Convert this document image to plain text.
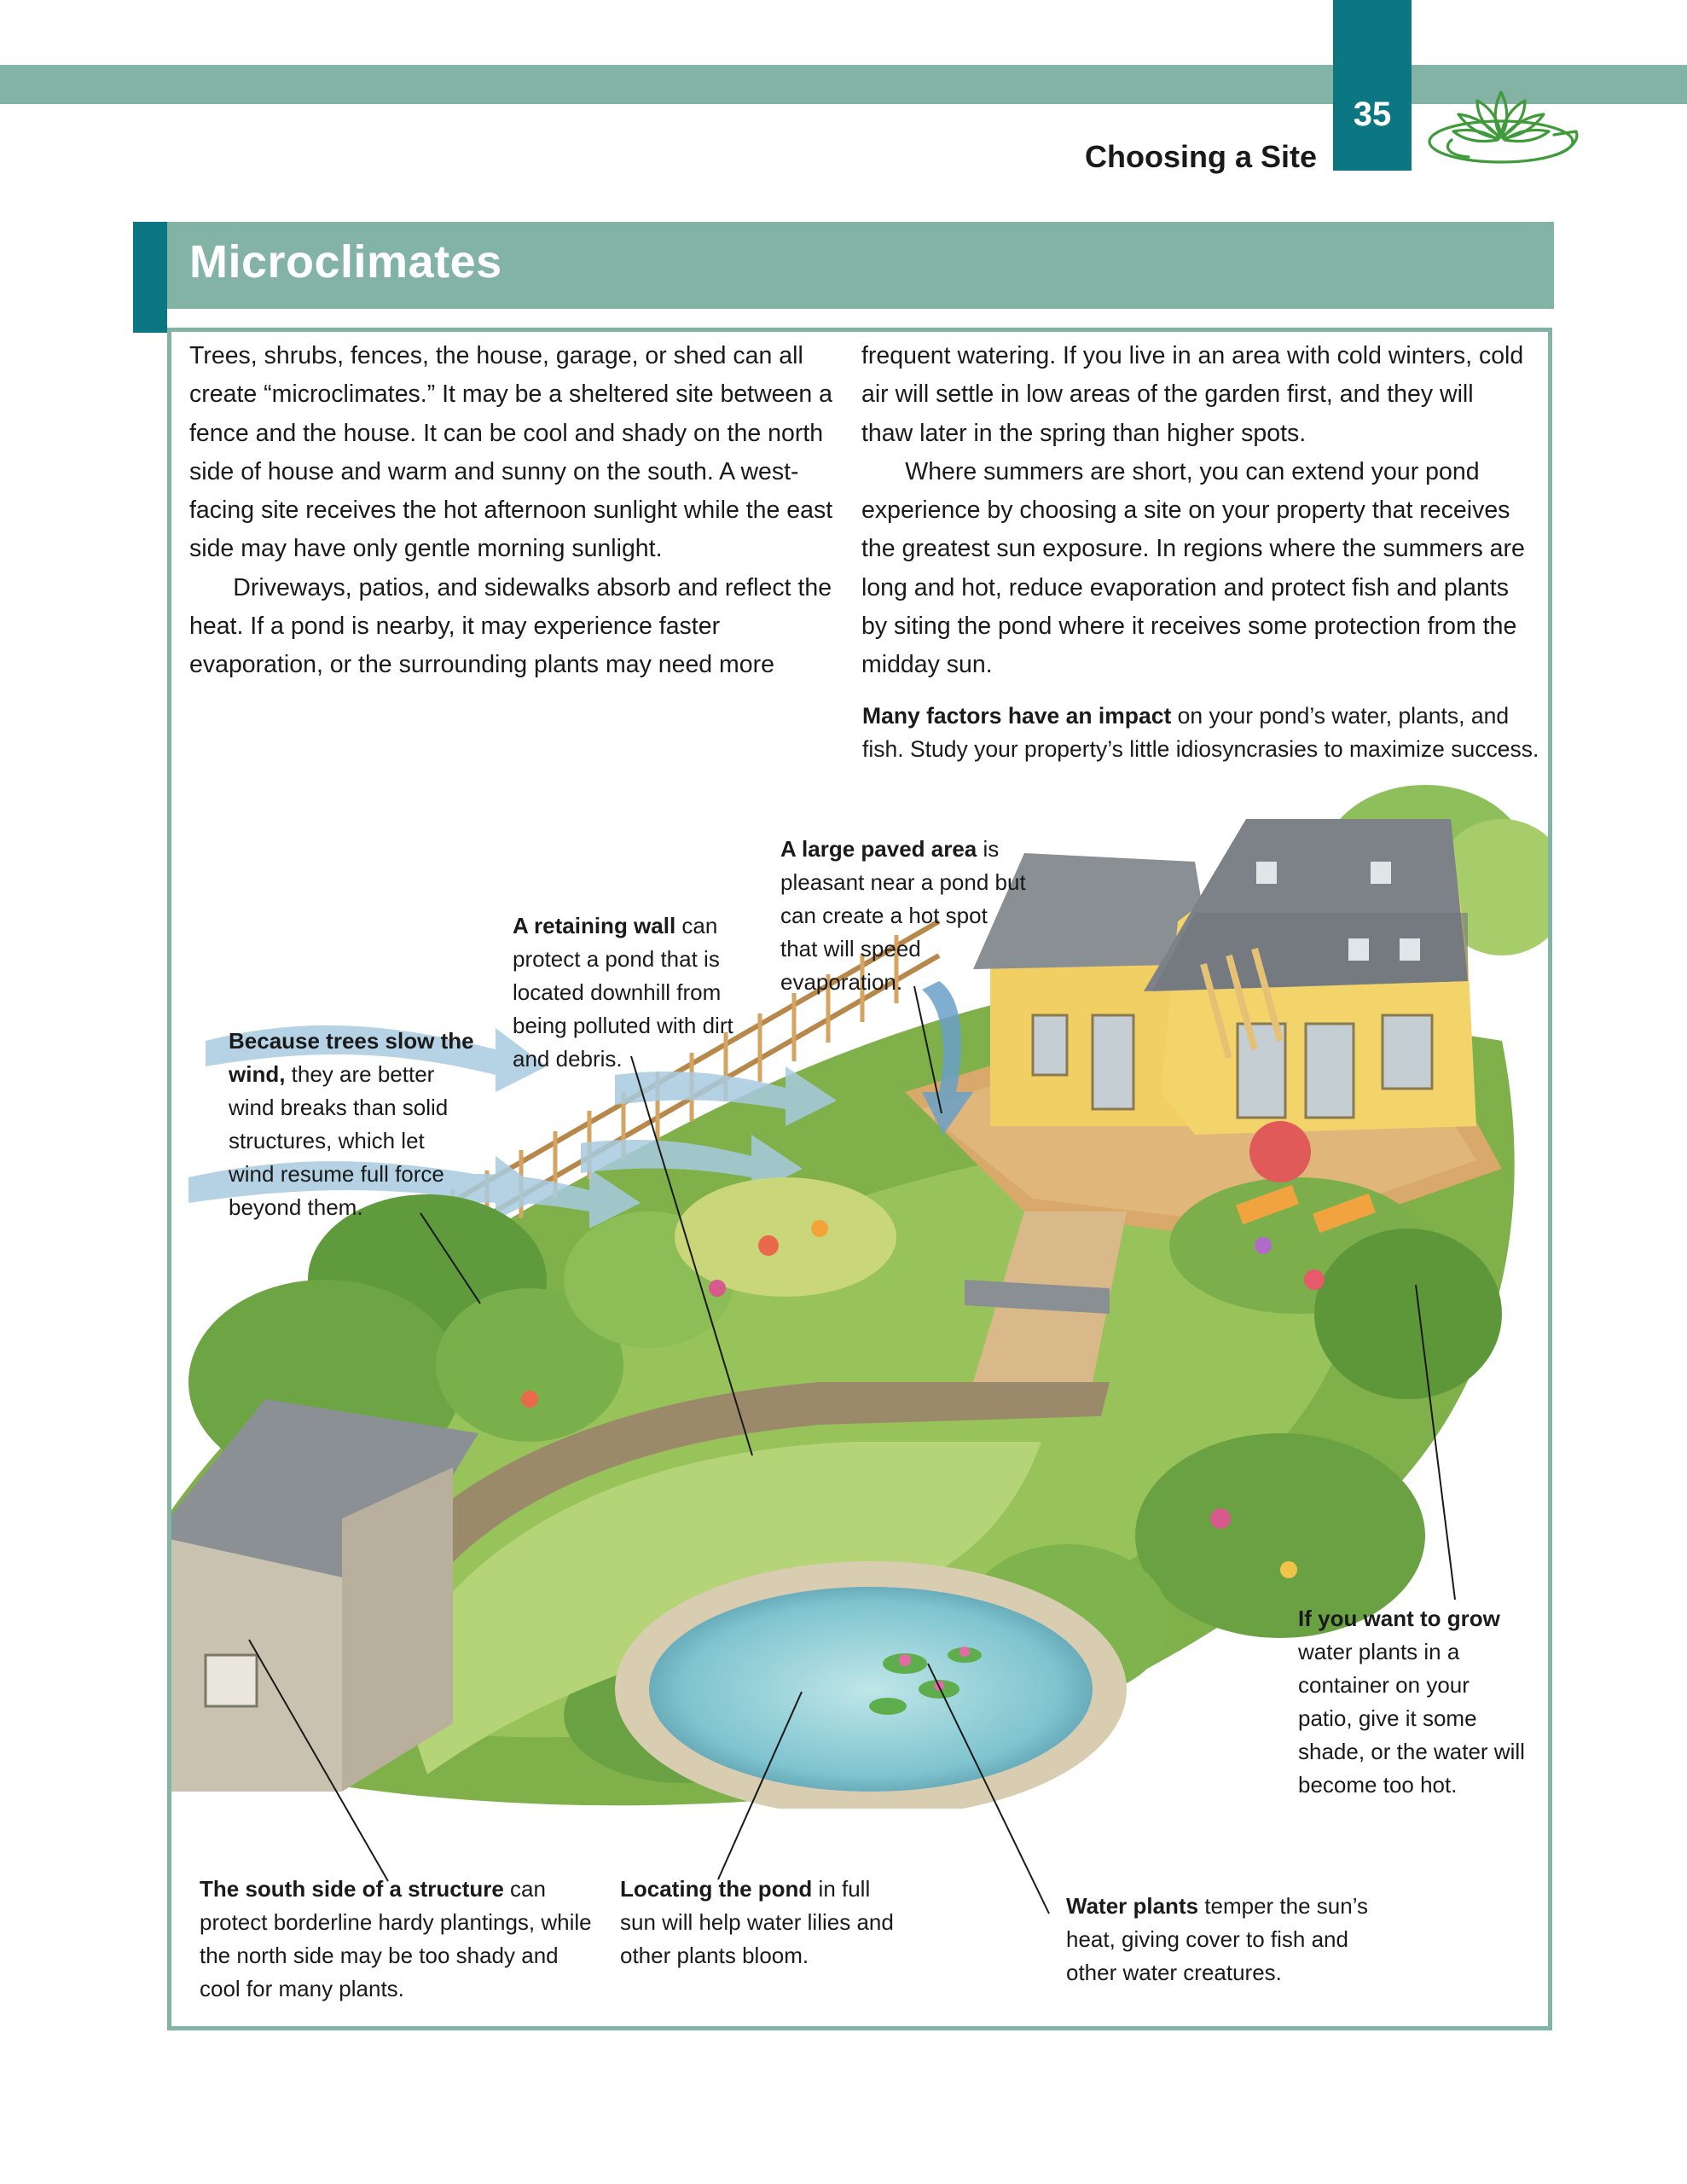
35
Choosing a Site
Microclimates

Trees, shrubs, fences, the house, garage, or shed can all create “microclimates.” It may be a sheltered site between a fence and the house. It can be cool and shady on the north side of house and warm and sunny on the south. A west-facing site receives the hot afternoon sunlight while the east side may have only gentle morning sunlight.

Driveways, patios, and sidewalks absorb and reflect the heat. If a pond is nearby, it may experience faster evaporation, or the surrounding plants may need more

frequent watering. If you live in an area with cold winters, cold air will settle in low areas of the garden first, and they will thaw later in the spring than higher spots.

Where summers are short, you can extend your pond experience by choosing a site on your property that receives the greatest sun exposure. In regions where the summers are long and hot, reduce evaporation and protect fish and plants by siting the pond where it receives some protection from the midday sun.

Many factors have an impact on your pond’s water, plants, and fish. Study your property’s little idiosyncrasies to maximize success.
Because trees slow the wind, they are better wind breaks than solid structures, which let wind resume full force beyond them.
A retaining wall can protect a pond that is located downhill from being polluted with dirt and debris.
A large paved area is pleasant near a pond but can create a hot spot that will speed evaporation.
If you want to grow water plants in a container on your patio, give it some shade, or the water will become too hot.
The south side of a structure can protect borderline hardy plantings, while the north side may be too shady and cool for many plants.
Locating the pond in full sun will help water lilies and other plants bloom.
Water plants temper the sun’s heat, giving cover to fish and other water creatures.
